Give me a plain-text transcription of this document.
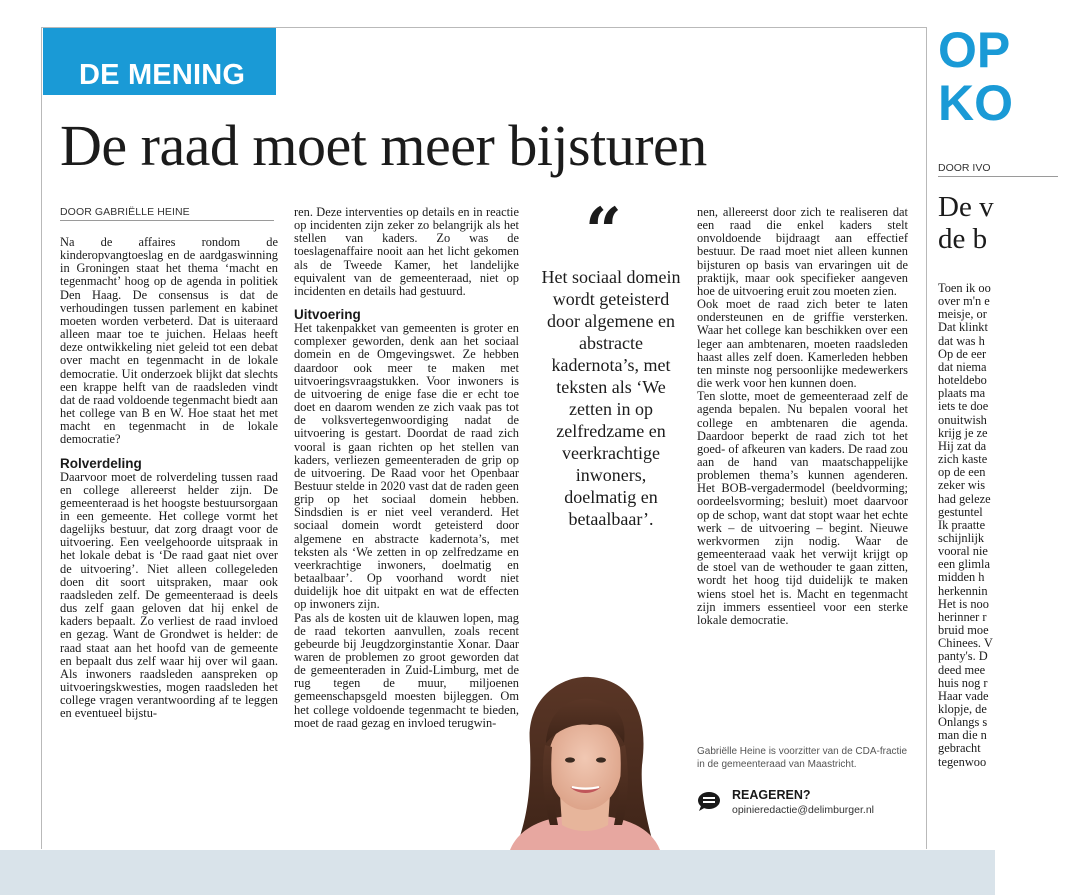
DE MENING
De raad moet meer bijsturen
DOOR GABRIËLLE HEINE

Na de affaires rondom de kinderopvangtoeslag en de aardgaswinning in Groningen staat het thema ‘macht en tegenmacht’ hoog op de agenda in politiek Den Haag. De consensus is dat de verhoudingen tussen parlement en kabinet moeten worden verbeterd. Dat is uiteraard alleen maar toe te juichen. Helaas heeft deze ontwikkeling niet geleid tot een debat over macht en tegenmacht in de lokale democratie. Uit onderzoek blijkt dat slechts een krappe helft van de raadsleden vindt dat de raad voldoende tegenmacht biedt aan het college van B en W. Hoe staat het met macht en tegenmacht in de lokale democratie?

Rolverdeling

Daarvoor moet de rolverdeling tussen raad en college allereerst helder zijn. De gemeenteraad is het hoogste bestuursorgaan in een gemeente. Het college vormt het dagelijks bestuur, dat zorg draagt voor de uitvoering. Een veelgehoorde uitspraak in het lokale debat is ‘De raad gaat niet over de uitvoering’. Niet alleen collegeleden doen dit soort uitspraken, maar ook raadsleden zelf. De gemeenteraad is deels dus zelf gaan geloven dat hij enkel de kaders bepaalt. Zo verliest de raad invloed en gezag. Want de Grondwet is helder: de raad staat aan het hoofd van de gemeente en bepaalt dus zelf waar hij over wil gaan. Als inwoners raadsleden aanspreken op uitvoeringskwesties, mogen raadsleden het college vragen verantwoording af te leggen en eventueel bijstu-

ren. Deze interventies op details en in reactie op incidenten zijn zeker zo belangrijk als het stellen van kaders. Zo was de toeslagenaffaire nooit aan het licht gekomen als de Tweede Kamer, het landelijke equivalent van de gemeenteraad, niet op incidenten en details had gestuurd.

Uitvoering

Het takenpakket van gemeenten is groter en complexer geworden, denk aan het sociaal domein en de Omgevingswet. Ze hebben daardoor ook meer te maken met uitvoeringsvraagstukken. Voor inwoners is de uitvoering de enige fase die er echt toe doet en daarom wenden ze zich vaak pas tot de volksvertegenwoordiging nadat de uitvoering is gestart. Doordat de raad zich vooral is gaan richten op het stellen van kaders, verliezen gemeenteraden de grip op de uitvoering. De Raad voor het Openbaar Bestuur stelde in 2020 vast dat de raden geen grip op het sociaal domein hebben. Sindsdien is er niet veel veranderd. Het sociaal domein wordt geteisterd door algemene en abstracte kadernota’s, met teksten als ‘We zetten in op zelfredzame en veerkrachtige inwoners, doelmatig en betaalbaar’. Op voorhand wordt niet duidelijk hoe dit uitpakt en wat de effecten op inwoners zijn.

Pas als de kosten uit de klauwen lopen, mag de raad tekorten aanvullen, zoals recent gebeurde bij Jeugdzorginstantie Xonar. Daar waren de problemen zo groot geworden dat de gemeenteraden in Zuid-Limburg, met de rug tegen de muur, miljoenen gemeenschapsgeld moesten bijleggen. Om het college voldoende tegenmacht te bieden, moet de raad gezag en invloed terugwin-

“
Het sociaal domein wordt geteisterd door algemene en abstracte kadernota’s, met teksten als ‘We zetten in op zelfredzame en veerkrachtige inwoners, doelmatig en betaalbaar’.

nen, allereerst door zich te realiseren dat een raad die enkel kaders stelt onvoldoende bijdraagt aan effectief bestuur. De raad moet niet alleen kunnen bijsturen op basis van ervaringen uit de praktijk, maar ook specifieker aangeven hoe de uitvoering eruit zou moeten zien.

Ook moet de raad zich beter te laten ondersteunen en de griffie versterken. Waar het college kan beschikken over een leger aan ambtenaren, moeten raadsleden haast alles zelf doen. Kamerleden hebben ten minste nog persoonlijke medewerkers die werk voor hen kunnen doen.

Ten slotte, moet de gemeenteraad zelf de agenda bepalen. Nu bepalen vooral het college en ambtenaren die agenda. Daardoor beperkt de raad zich tot het goed- of afkeuren van kaders. De raad zou aan de hand van maatschappelijke problemen thema’s kunnen agenderen. Het BOB-vergadermodel (beeldvorming; oordeelsvorming; besluit) moet daarvoor op de schop, want dat stopt waar het echte werk – de uitvoering – begint. Nieuwe werkvormen zijn nodig. Waar de gemeenteraad vaak het verwijt krijgt op de stoel van de wethouder te gaan zitten, wordt het hoog tijd duidelijk te maken wiens stoel het is. Macht en tegenmacht zijn immers essentieel voor een sterke lokale democratie.

Gabriëlle Heine is voorzitter van de CDA-fractie in de gemeenteraad van Maastricht.
REAGEREN?
opinieredactie@delimburger.nl
OP
KO
DOOR IVO
De v
de b
Toen ik oo
over m'n e
meisje, or
Dat klinkt
dat was h
Op de eer
dat niema
hoteldebo
plaats ma
iets te doe
onuitwish
krijg je ze
Hij zat da
zich kaste
op de een
zeker wis
had geleze
gestuntel
Ik praatte
schijnlijk
vooral nie
een glimla
midden h
herkennin
Het is noo
herinner r
bruid moe
Chinees. V
panty's. D
deed mee
huis nog r
Haar vade
klopje, de
Onlangs s
man die n
gebracht
tegenwoo
